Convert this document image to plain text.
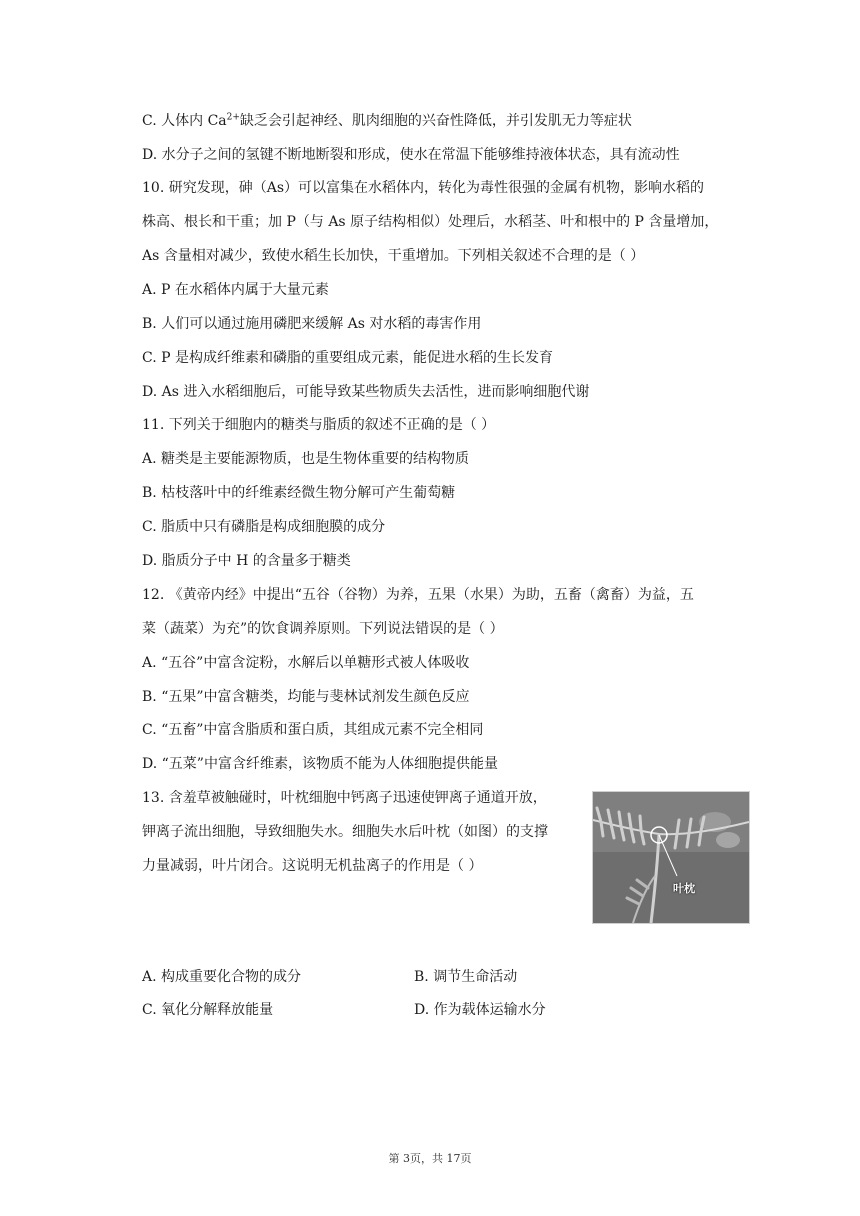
C. 人体内 $Ca^{2+}$缺乏会引起神经、肌肉细胞的兴奋性降低，并引发肌无力等症状
D. 水分子之间的氢键不断地断裂和形成，使水在常温下能够维持液体状态，具有流动性
10. 研究发现，砷（As）可以富集在水稻体内，转化为毒性很强的金属有机物，影响水稻的
株高、根长和干重；加 P（与 As 原子结构相似）处理后，水稻茎、叶和根中的 P 含量增加，
As 含量相对减少，致使水稻生长加快，干重增加。下列相关叙述不合理的是（ ）
A. P 在水稻体内属于大量元素
B. 人们可以通过施用磷肥来缓解 As 对水稻的毒害作用
C. P 是构成纤维素和磷脂的重要组成元素，能促进水稻的生长发育
D. As 进入水稻细胞后，可能导致某些物质失去活性，进而影响细胞代谢
11. 下列关于细胞内的糖类与脂质的叙述不正确的是（ ）
A. 糖类是主要能源物质，也是生物体重要的结构物质
B. 枯枝落叶中的纤维素经微生物分解可产生葡萄糖
C. 脂质中只有磷脂是构成细胞膜的成分
D. 脂质分子中 H 的含量多于糖类
12. 《黄帝内经》中提出“五谷（谷物）为养，五果（水果）为助，五畜（禽畜）为益，五
菜（蔬菜）为充”的饮食调养原则。下列说法错误的是（ ）
A. “五谷”中富含淀粉，水解后以单糖形式被人体吸收
B. “五果”中富含糖类，均能与斐林试剂发生颜色反应
C. “五畜”中富含脂质和蛋白质，其组成元素不完全相同
D. “五菜”中富含纤维素，该物质不能为人体细胞提供能量
13. 含羞草被触碰时，叶枕细胞中钙离子迅速使钾离子通道开放，
钾离子流出细胞，导致细胞失水。细胞失水后叶枕（如图）的支撑
力量减弱，叶片闭合。这说明无机盐离子的作用是（ ）
叶枕
A. 构成重要化合物的成分	B. 调节生命活动
C. 氧化分解释放能量	D. 作为载体运输水分
第 3页，共 17页
